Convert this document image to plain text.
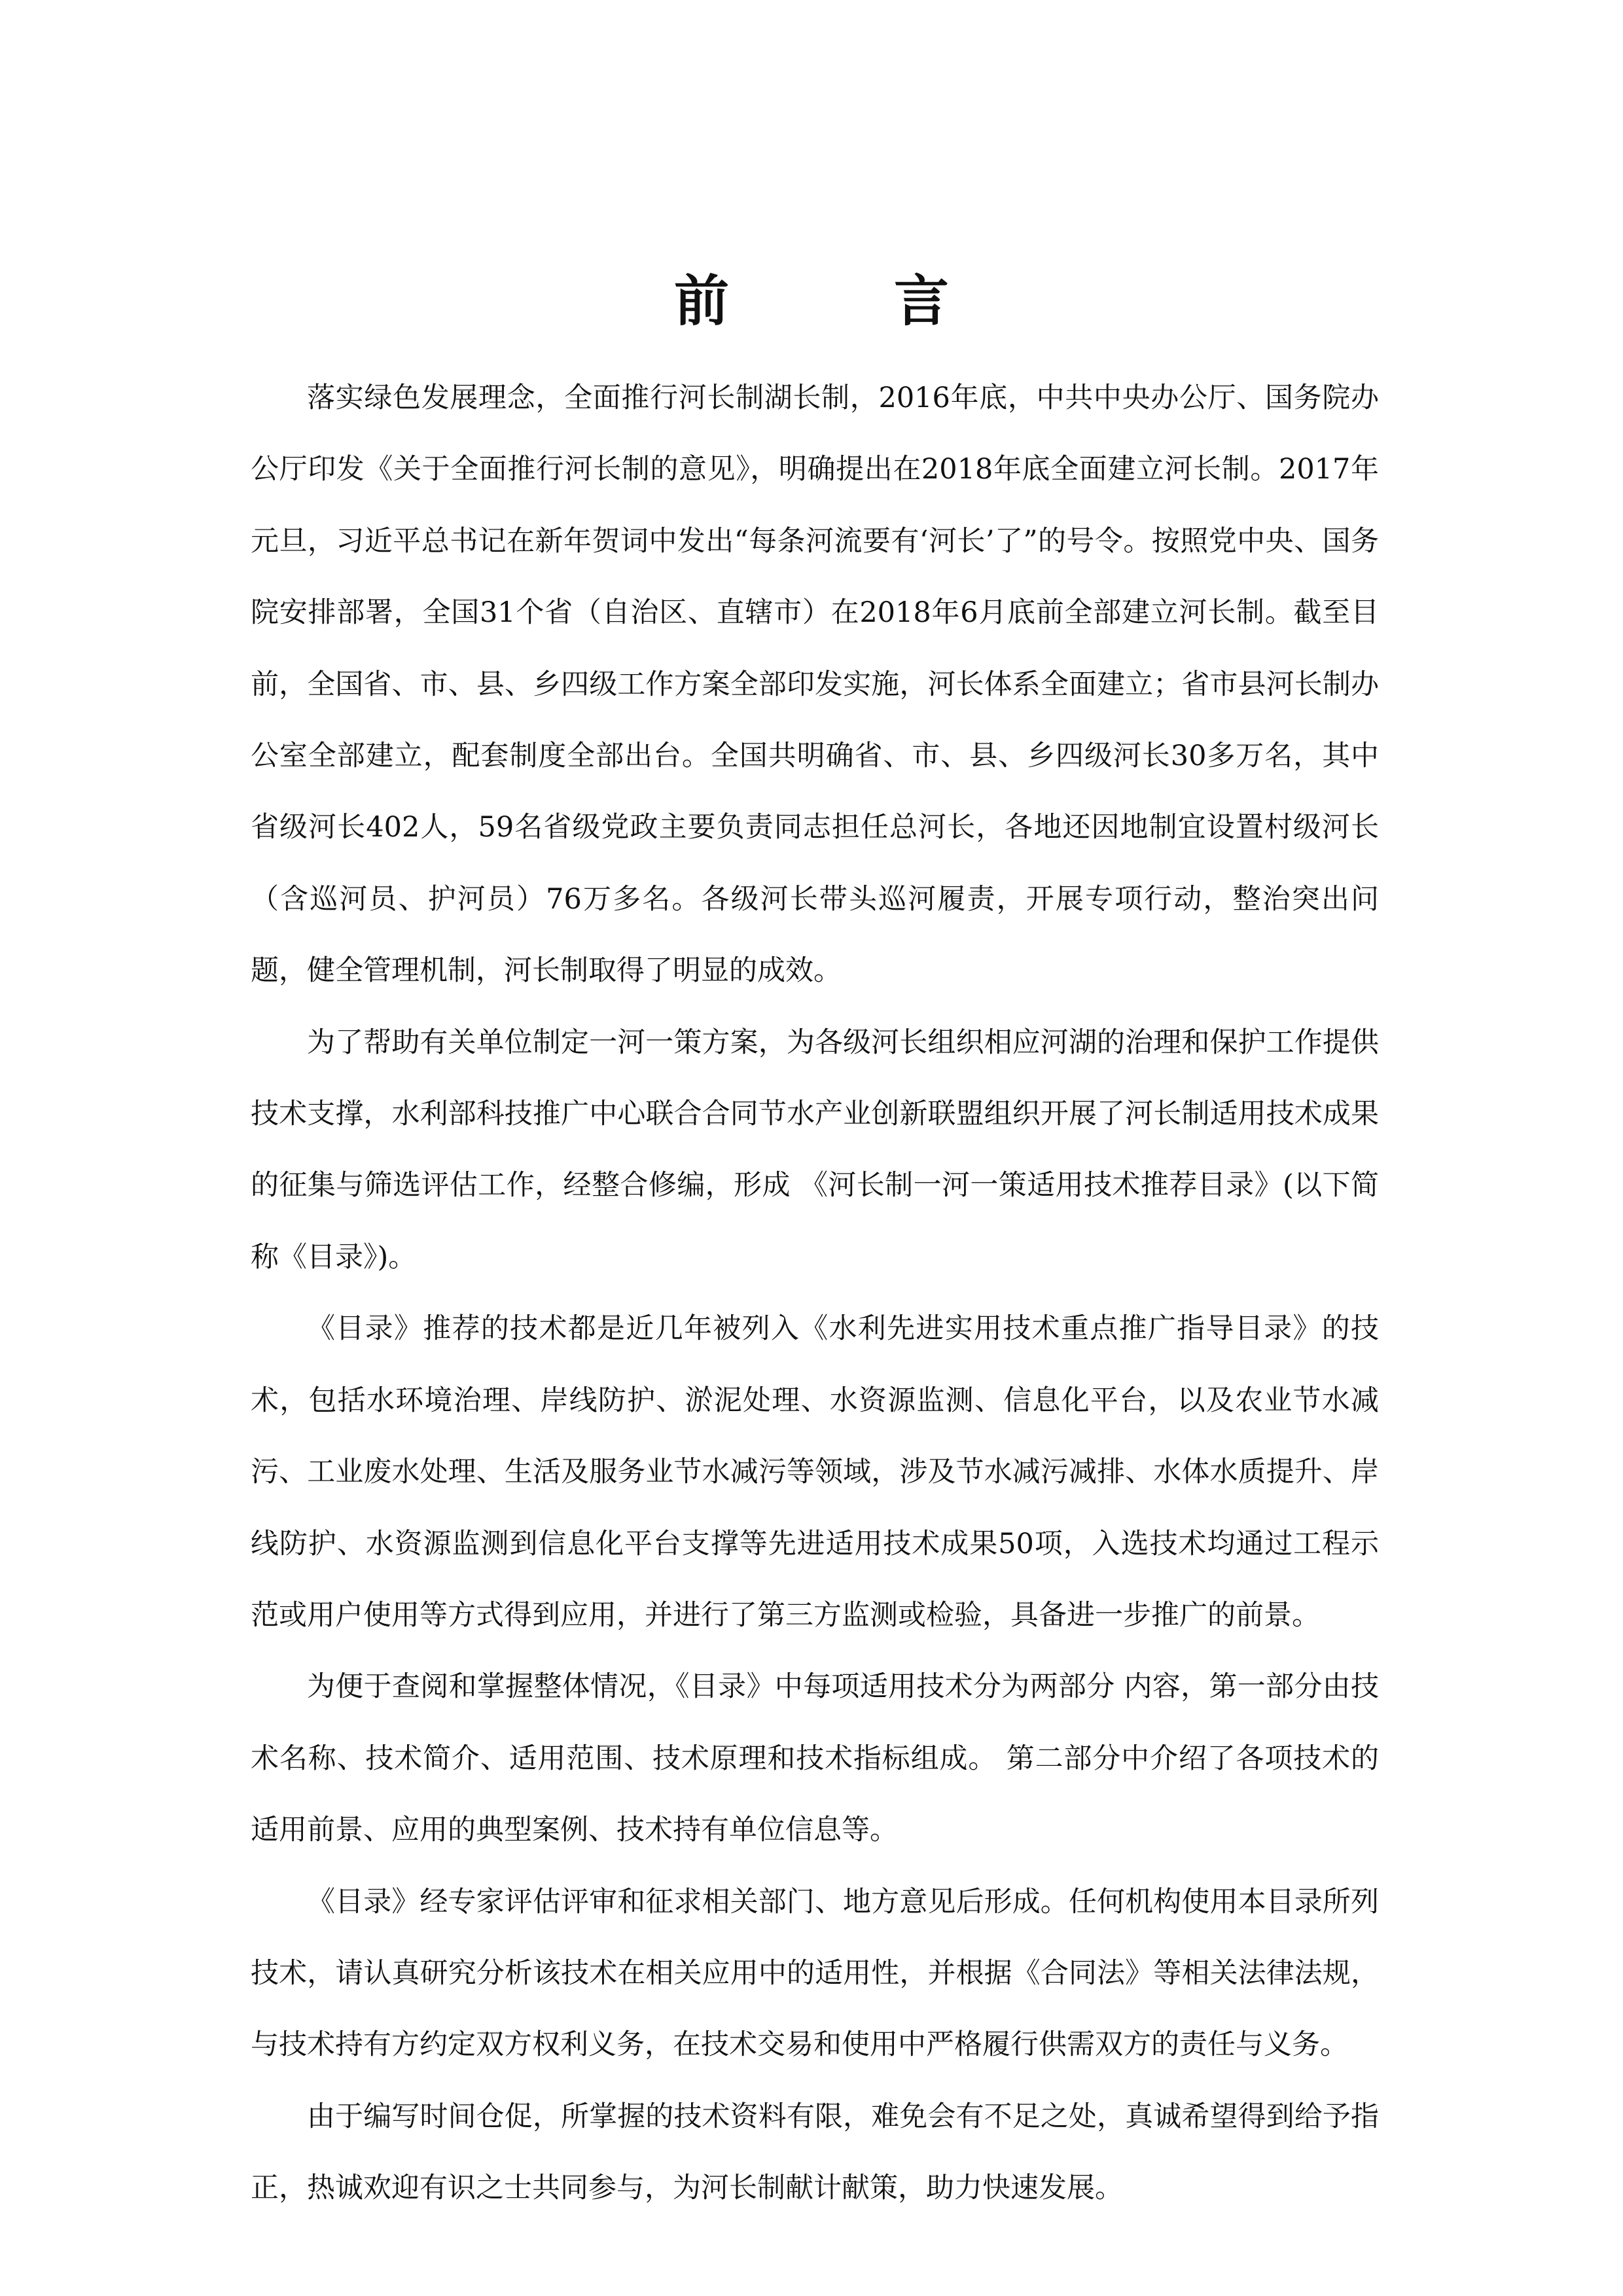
前　言

落实绿色发展理念，全面推行河长制湖长制，2016年底，中共中央办公厅、国务院办公厅印发《关于全面推行河长制的意见》，明确提出在2018年底全面建立河长制。2017年元旦，习近平总书记在新年贺词中发出“每条河流要有‘河长’了”的号令。按照党中央、国务院安排部署，全国31个省（自治区、直辖市）在2018年6月底前全部建立河长制。截至目前，全国省、市、县、乡四级工作方案全部印发实施，河长体系全面建立；省市县河长制办公室全部建立，配套制度全部出台。全国共明确省、市、县、乡四级河长30多万名，其中省级河长402人，59名省级党政主要负责同志担任总河长，各地还因地制宜设置村级河长（含巡河员、护河员）76万多名。各级河长带头巡河履责，开展专项行动，整治突出问题，健全管理机制，河长制取得了明显的成效。

为了帮助有关单位制定一河一策方案，为各级河长组织相应河湖的治理和保护工作提供技术支撑，水利部科技推广中心联合合同节水产业创新联盟组织开展了河长制适用技术成果的征集与筛选评估工作，经整合修编，形成 《河长制一河一策适用技术推荐目录》(以下简称《目录》)。

《目录》推荐的技术都是近几年被列入《水利先进实用技术重点推广指导目录》的技术，包括水环境治理、岸线防护、淤泥处理、水资源监测、信息化平台，以及农业节水减污、工业废水处理、生活及服务业节水减污等领域，涉及节水减污减排、水体水质提升、岸线防护、水资源监测到信息化平台支撑等先进适用技术成果50项，入选技术均通过工程示范或用户使用等方式得到应用，并进行了第三方监测或检验，具备进一步推广的前景。

为便于查阅和掌握整体情况，《目录》中每项适用技术分为两部分 内容，第一部分由技术名称、技术简介、适用范围、技术原理和技术指标组成。 第二部分中介绍了各项技术的适用前景、应用的典型案例、技术持有单位信息等。

《目录》经专家评估评审和征求相关部门、地方意见后形成。任何机构使用本目录所列技术，请认真研究分析该技术在相关应用中的适用性，并根据《合同法》等相关法律法规，与技术持有方约定双方权利义务，在技术交易和使用中严格履行供需双方的责任与义务。

由于编写时间仓促，所掌握的技术资料有限，难免会有不足之处，真诚希望得到给予指正，热诚欢迎有识之士共同参与，为河长制献计献策，助力快速发展。
